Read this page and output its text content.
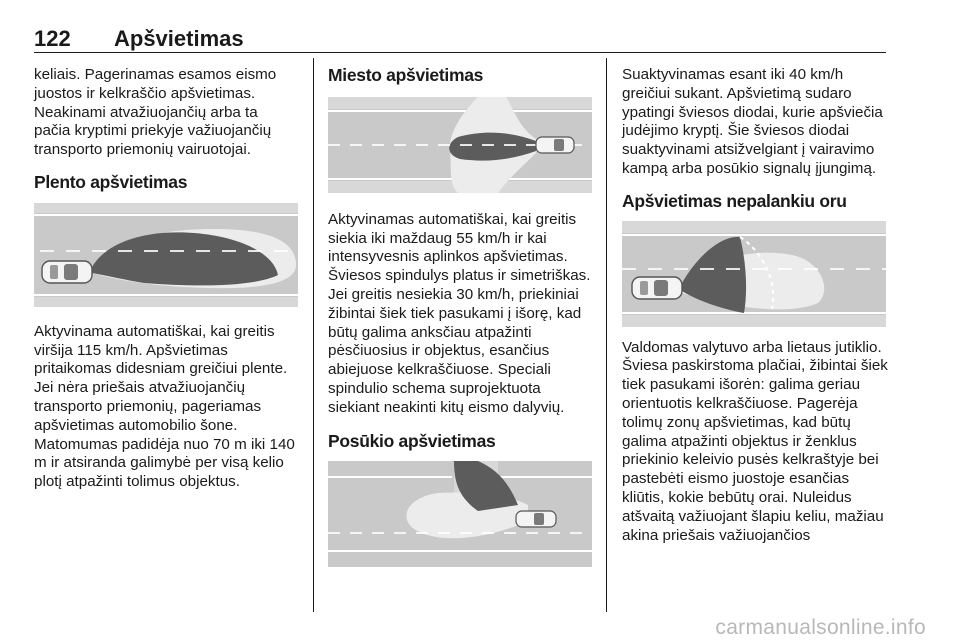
122 Apšvietimas

keliais. Pagerinamas esamos eismo juostos ir kelkraščio apšvietimas. Neakinami atvažiuojančių arba ta pačia kryptimi priekyje važiuojančių transporto priemonių vairuotojai.

Plento apšvietimas

Aktyvinama automatiškai, kai greitis viršija 115 km/h. Apšvietimas pritaikomas didesniam greičiui plente. Jei nėra priešais atvažiuojančių transporto priemonių, pageriamas apšvietimas automobilio šone. Matomumas padidėja nuo 70 m iki 140 m ir atsiranda galimybė per visą kelio plotį atpažinti tolimus objektus.

Miesto apšvietimas

Aktyvinamas automatiškai, kai greitis siekia iki maždaug 55 km/h ir kai intensyvesnis aplinkos apšvietimas. Šviesos spindulys platus ir simetriškas. Jei greitis nesiekia 30 km/h, priekiniai žibintai šiek tiek pasukami į išorę, kad būtų galima anksčiau atpažinti pėsčiuosius ir objektus, esančius abiejuose kelkraščiuose. Speciali spindulio schema suprojektuota siekiant neakinti kitų eismo dalyvių.

Posūkio apšvietimas

Suaktyvinamas esant iki 40 km/h greičiui sukant. Apšvietimą sudaro ypatingi šviesos diodai, kurie apšviečia judėjimo kryptį. Šie šviesos diodai suaktyvinami atsižvelgiant į vairavimo kampą arba posūkio signalų įjungimą.

Apšvietimas nepalankiu oru

Valdomas valytuvo arba lietaus jutiklio. Šviesa paskirstoma plačiai, žibintai šiek tiek pasukami išorėn: galima geriau orientuotis kelkraščiuose. Pagerėja tolimų zonų apšvietimas, kad būtų galima atpažinti objektus ir ženklus priekinio keleivio pusės kelkraštyje bei pastebėti eismo juostoje esančias kliūtis, kokie bebūtų orai. Nuleidus atšvaitą važiuojant šlapiu keliu, mažiau akina priešais važiuojančios

carmanualsonline.info
